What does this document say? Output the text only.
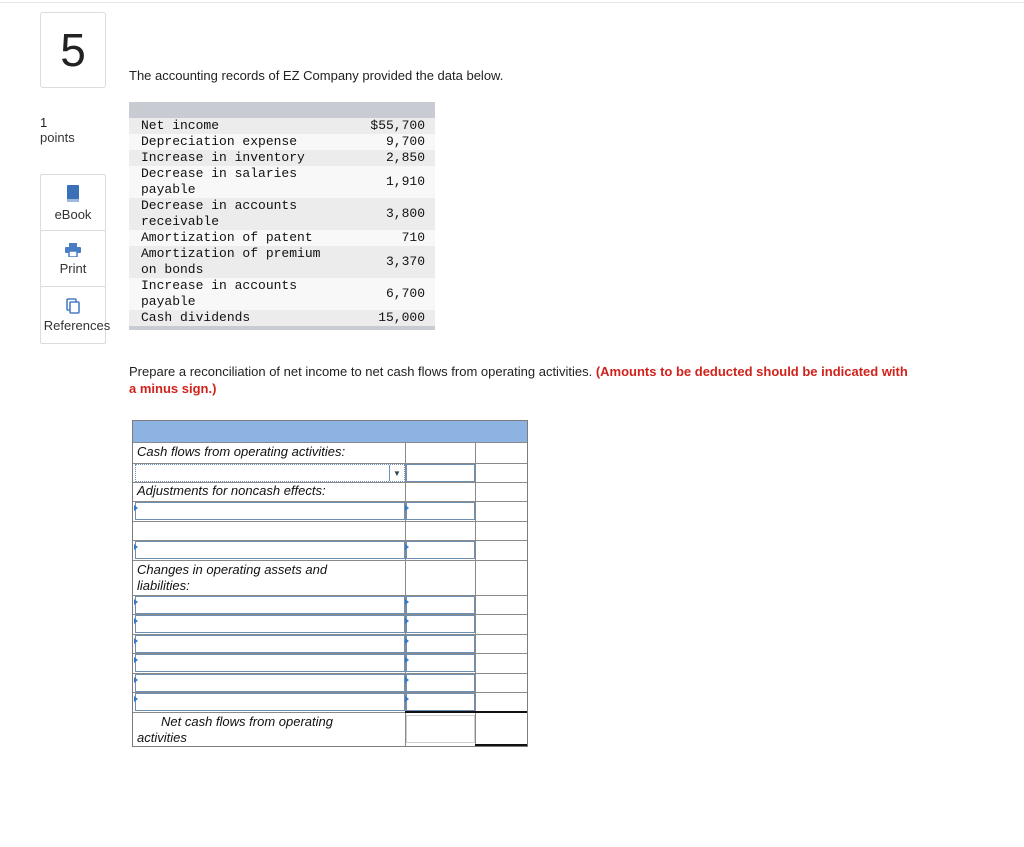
5
1
points
eBook
Print
References
The accounting records of EZ Company provided the data below.

Net income	$55,700
Depreciation expense	9,700
Increase in inventory	2,850
Decrease in salaries
payable	1,910
Decrease in accounts
receivable	3,800
Amortization of patent	710
Amortization of premium
on bonds	3,370
Increase in accounts
payable	6,700
Cash dividends	15,000

Prepare a reconciliation of net income to net cash flows from operating activities. (Amounts to be deducted should be indicated with a minus sign.)
Cash flows from operating activities:
Adjustments for noncash effects:
Changes in operating assets and
liabilities:
Net cash flows from operating
activities
▼
